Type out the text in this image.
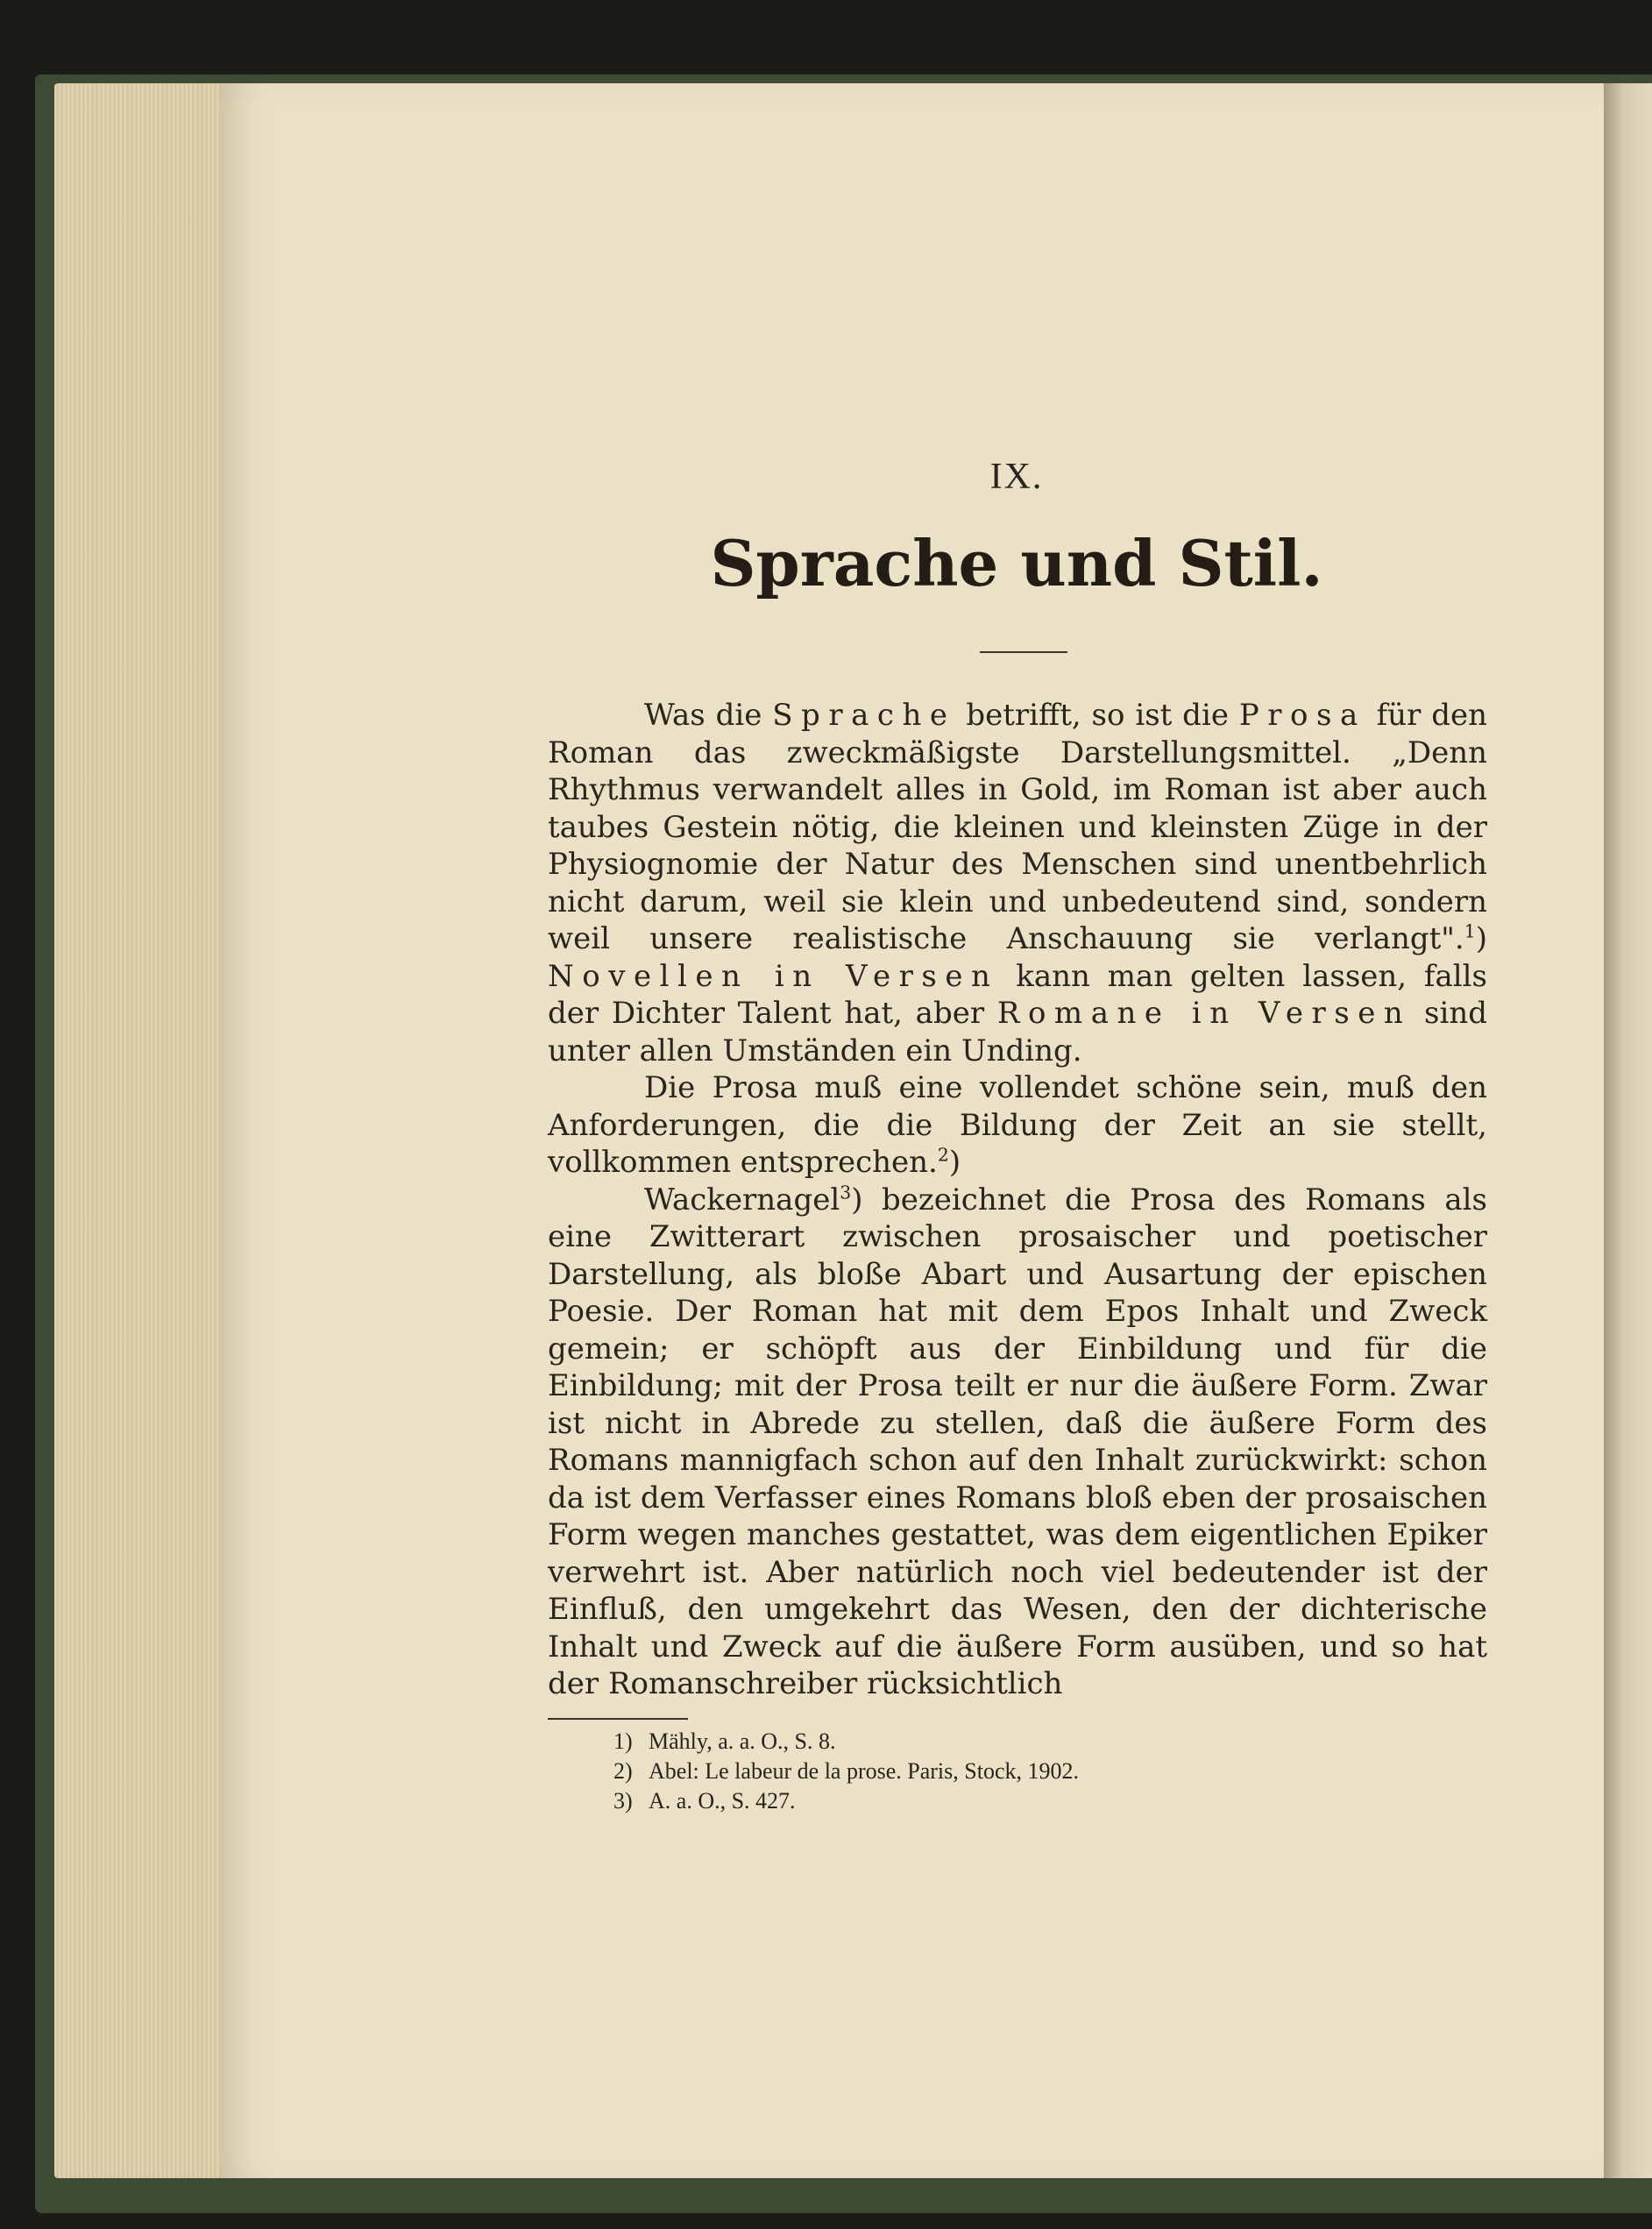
IX.
Sprache und Stil.

Was die Sprache betrifft, so ist die Prosa für den Roman das zweckmäßigste Darstellungsmittel. „Denn Rhythmus verwandelt alles in Gold, im Roman ist aber auch taubes Gestein nötig, die kleinen und kleinsten Züge in der Physiognomie der Natur des Menschen sind unentbehrlich nicht darum, weil sie klein und unbedeutend sind, sondern weil unsere realistische Anschauung sie verlangt".$^1$) Novellen in Versen kann man gelten lassen, falls der Dichter Talent hat, aber Romane in Versen sind unter allen Umständen ein Unding.

Die Prosa muß eine vollendet schöne sein, muß den Anforderungen, die die Bildung der Zeit an sie stellt, vollkommen entsprechen.$^2$)

Wackernagel$^3$) bezeichnet die Prosa des Romans als eine Zwitterart zwischen prosaischer und poetischer Darstellung, als bloße Abart und Ausartung der epischen Poesie. Der Roman hat mit dem Epos Inhalt und Zweck gemein; er schöpft aus der Einbildung und für die Einbildung; mit der Prosa teilt er nur die äußere Form. Zwar ist nicht in Abrede zu stellen, daß die äußere Form des Romans mannigfach schon auf den Inhalt zurückwirkt: schon da ist dem Verfasser eines Romans bloß eben der prosaischen Form wegen manches gestattet, was dem eigentlichen Epiker verwehrt ist. Aber natürlich noch viel bedeutender ist der Einfluß, den umgekehrt das Wesen, den der dichterische Inhalt und Zweck auf die äußere Form ausüben, und so hat der Romanschreiber rücksichtlich

1) Mähly, a. a. O., S. 8.
2) Abel: Le labeur de la prose. Paris, Stock, 1902.
3) A. a. O., S. 427.
